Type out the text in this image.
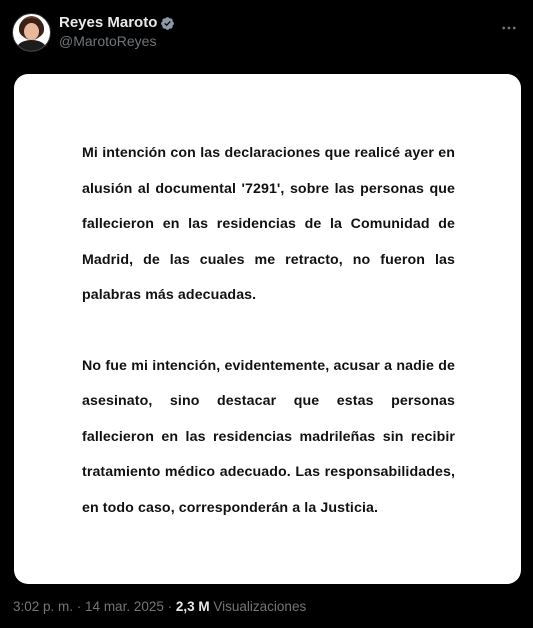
Reyes Maroto
@MarotoReyes

Mi intención con las declaraciones que realicé ayer en alusión al documental '7291', sobre las personas que fallecieron en las residencias de la Comunidad de Madrid, de las cuales me retracto, no fueron las palabras más adecuadas.

No fue mi intención, evidentemente, acusar a nadie de asesinato, sino destacar que estas personas fallecieron en las residencias madrileñas sin recibir tratamiento médico adecuado. Las responsabilidades, en todo caso, corresponderán a la Justicia.

3:02 p. m. · 14 mar. 2025 · 2,3 M Visualizaciones
